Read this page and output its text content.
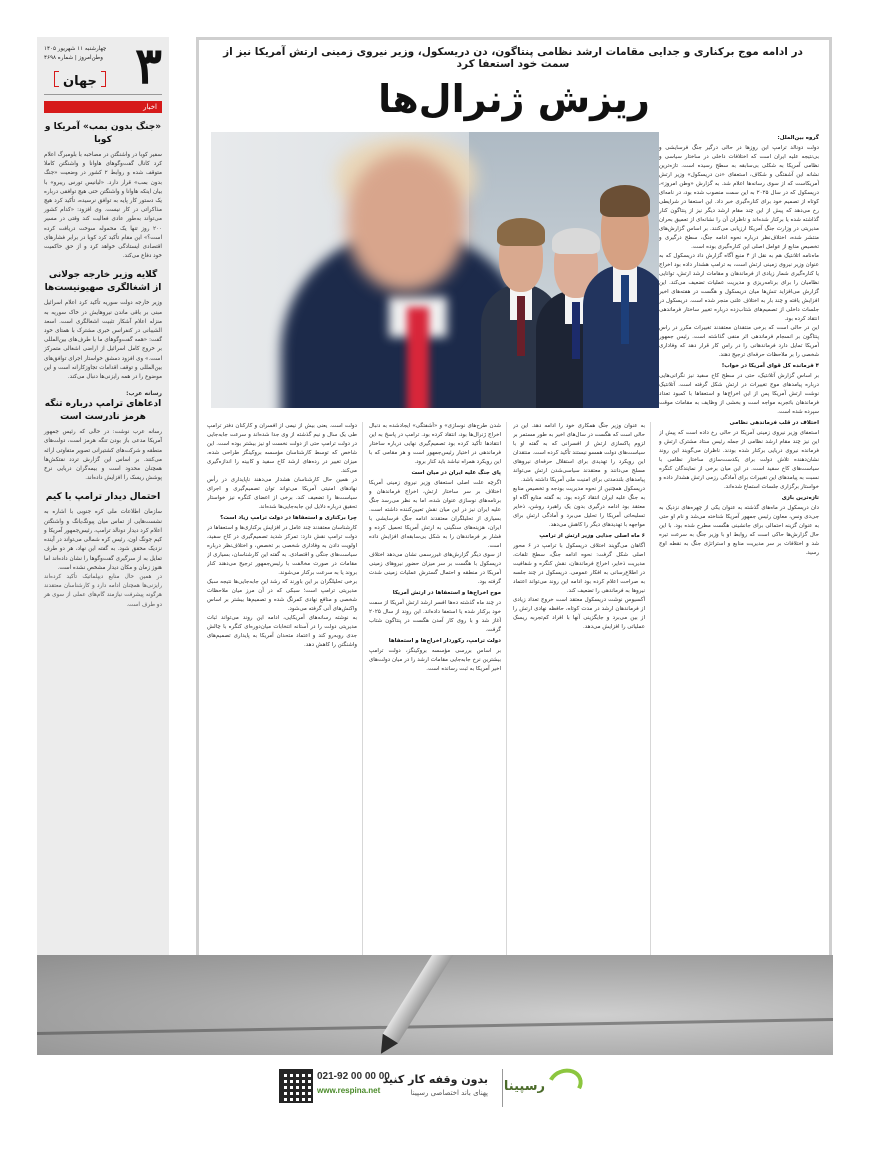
۳
چهارشنبه ۱۱ شهریور ۱۴۰۵
وطن‌امروز | شماره ۴۶۹۸
جهان
اخبار
«جنگ بدون بمب» آمریکا و کوبا

سفیر کوبا در واشنگتن در مصاحبه با بلومبرگ اعلام کرد کانال گفت‌وگوهای هاوانا و واشنگتن کاملا متوقف شده و روابط ۲ کشور در وضعیت «جنگ بدون بمب» قرار دارد. «لیانیس تورس ریبرو» با بیان اینکه هاوانا و واشنگتن حتی هیچ توافقی درباره یک دستور کار پایه به توافق نرسیده، تأکید کرد هیچ مذاکراتی در کار نیست. وی افزود: «کدام کشور می‌تواند به‌طور عادی فعالیت کند وقتی در مسیر ۲۰۰ روز تنها یک محموله سوخت دریافت کرده است؟» این مقام تأکید کرد کوبا در برابر فشارهای اقتصادی ایستادگی خواهد کرد و از حق حاکمیت خود دفاع می‌کند.

گلایه وزیر خارجه جولانی از اشغالگری صهیونیست‌ها

وزیر خارجه دولت سوریه تأکید کرد اعلام اسرائیل مبنی بر باقی ماندن نیروهایش در خاک سوریه به منزله اعلام آشکار تثبیت اشغالگری است. اسعد الشیبانی در کنفرانس خبری مشترک با همتای خود گفت: «همه گفت‌وگوهای ما با طرف‌های بین‌المللی بر خروج کامل اسرائیل از اراضی اشغالی متمرکز است.» وی افزود دمشق خواستار اجرای توافق‌های بین‌المللی و توقف اقدامات تجاوزکارانه است و این موضوع را در همه رایزنی‌ها دنبال می‌کند.

رسانه عرب:
ادعاهای ترامپ درباره تنگه هرمز نادرست است

رسانه عرب نوشت: در حالی که رئیس جمهور آمریکا مدعی باز بودن تنگه هرمز است، دولت‌های منطقه و شرکت‌های کشتیرانی تصویر متفاوتی ارائه می‌کنند. بر اساس این گزارش تردد نفتکش‌ها همچنان محدود است و بیمه‌گران دریایی نرخ پوشش ریسک را افزایش داده‌اند.

احتمال دیدار ترامپ با کیم

سازمان اطلاعات ملی کره جنوبی با اشاره به نشست‌هایی از تماس میان پیونگ‌یانگ و واشنگتن اعلام کرد دیدار دونالد ترامپ، رئیس‌جمهور آمریکا و کیم جونگ اون، رئیس کره شمالی می‌تواند در آینده نزدیک محقق شود. به گفته این نهاد، هر دو طرف تمایل به از سرگیری گفت‌وگوها را نشان داده‌اند اما هنوز زمان و مکان دیدار مشخص نشده است.

در همین حال منابع دیپلماتیک تأکید کرده‌اند رایزنی‌ها همچنان ادامه دارد و کارشناسان معتقدند هرگونه پیشرفت نیازمند گام‌های عملی از سوی هر دو طرف است.

در ادامه موج برکناری و جدایی مقامات ارشد نظامی پنتاگون، دن دریسکول، وزیر نیروی زمینی ارتش آمریکا نیز از سمت خود استعفا کرد
ریزش ژنرال‌ها
گروه بین‌الملل:

دولت دونالد ترامپ این روزها در حالی درگیر جنگ فرسایشی و بی‌نتیجه علیه ایران است که اختلافات داخلی در ساختار سیاسی و نظامی آمریکا به شکلی بی‌سابقه به سطح رسیده است. تازه‌ترین نشانه این آشفتگی و شکاف، استعفای «دن دریسکول» وزیر ارتش آمریکاست که از سوی رسانه‌ها اعلام شد. به گزارش «وطن امروز»، دریسکول که در سال ۲۰۲۵ به این سمت منصوب شده بود، در نامه‌ای کوتاه از تصمیم خود برای کناره‌گیری خبر داد. این استعفا در شرایطی رخ می‌دهد که پیش از این چند مقام ارشد دیگر نیز از پنتاگون کنار گذاشته شده یا برکنار شده‌اند و ناظران آن را نشانه‌ای از تعمیق بحران مدیریتی در وزارت جنگ آمریکا ارزیابی می‌کنند. بر اساس گزارش‌های منتشر شده، اختلاف‌نظر درباره نحوه ادامه جنگ، سطح درگیری و تخصیص منابع از عوامل اصلی این کناره‌گیری بوده است.

ماه‌نامه اتلانتیک هم به نقل از ۴ منبع آگاه گزارش داد دریسکول که به عنوان وزیر نیروی زمینی ارتش است، به ترامپ هشدار داده بود اخراج یا کناره‌گیری شمار زیادی از فرماندهان و مقامات ارشد ارتش، توانایی نظامیان را برای برنامه‌ریزی و مدیریت عملیات تضعیف می‌کند. این گزارش می‌افزاید تنش‌ها میان دریسکول و هگست در هفته‌های اخیر افزایش یافته و چند بار به اختلاف علنی منجر شده است. دریسکول در جلسات داخلی از تصمیم‌های شتاب‌زده درباره تغییر ساختار فرماندهی انتقاد کرده بود.

این در حالی است که برخی منتقدان معتقدند تغییرات مکرر در راس پنتاگون بر انسجام فرماندهی اثر منفی گذاشته است. رئیس جمهور آمریکا تمایل دارد فرماندهانی را در راس کار قرار دهد که وفاداری شخصی را بر ملاحظات حرفه‌ای ترجیح دهند.

۴ فرمانده کل قوای آمریکا در خواب!

بر اساس گزارش آتلانتیک، حتی در سطح کاخ سفید نیز نگرانی‌هایی درباره پیامدهای موج تغییرات در ارتش شکل گرفته است. آتلانتیک نوشت ارتش آمریکا پس از این اخراج‌ها و استعفاها با کمبود تعداد فرماندهان باتجربه مواجه است و بخشی از وظایف به مقامات موقت سپرده شده است.

اختلاف در قلب فرماندهی نظامی

استعفای وزیر نیروی زمینی آمریکا در حالی رخ داده است که پیش از این نیز چند مقام ارشد نظامی از جمله رئیس ستاد مشترک ارتش و فرمانده نیروی دریایی برکنار شده بودند. ناظران می‌گویند این روند نشان‌دهنده تلاش دولت برای یکدست‌سازی ساختار نظامی با سیاست‌های کاخ سفید است. در این میان برخی از نمایندگان کنگره نسبت به پیامدهای این تغییرات برای آمادگی رزمی ارتش هشدار داده و خواستار برگزاری جلسات استماع شده‌اند.

تازه‌ترین بازی

دان دریسکول در ماه‌های گذشته به عنوان یکی از چهره‌های نزدیک به جی‌دی ونس، معاون رئیس جمهور آمریکا شناخته می‌شد و نام او حتی به عنوان گزینه احتمالی برای جانشینی هگست مطرح شده بود. با این حال گزارش‌ها حاکی است که روابط او با وزیر جنگ به سرعت تیره شد و اختلافات بر سر مدیریت منابع و استراتژی جنگ به نقطه اوج رسید.

به عنوان وزیر جنگ همکاری خود را ادامه دهد. این در حالی است که هگست در سال‌های اخیر به طور مستمر بر لزوم پاکسازی ارتش از افسرانی که به گفته او با سیاست‌های دولت همسو نیستند تأکید کرده است. منتقدان این رویکرد را تهدیدی برای استقلال حرفه‌ای نیروهای مسلح می‌دانند و معتقدند سیاسی‌شدن ارتش می‌تواند پیامدهای بلندمدتی برای امنیت ملی آمریکا داشته باشد.

دریسکول همچنین از نحوه مدیریت بودجه و تخصیص منابع به جنگ علیه ایران انتقاد کرده بود. به گفته منابع آگاه او معتقد بود ادامه درگیری بدون یک راهبرد روشن، ذخایر تسلیحاتی آمریکا را تحلیل می‌برد و آمادگی ارتش برای مواجهه با تهدیدهای دیگر را کاهش می‌دهد.

۶ ماه اصلی جدایی وزیر ارتش از ترامپ

آگاهان می‌گویند اختلاف دریسکول با ترامپ در ۶ محور اصلی شکل گرفت: نحوه ادامه جنگ، سطح تلفات، مدیریت ذخایر، اخراج فرماندهان، نقش کنگره و شفافیت در اطلاع‌رسانی به افکار عمومی. دریسکول در چند جلسه به صراحت اعلام کرده بود ادامه این روند می‌تواند اعتماد نیروها به فرماندهی را تضعیف کند.

آکسیوس نوشت دریسکول معتقد است خروج تعداد زیادی از فرماندهان ارشد در مدت کوتاه، حافظه نهادی ارتش را از بین می‌برد و جایگزینی آنها با افراد کم‌تجربه ریسک عملیاتی را افزایش می‌دهد.

شدن طرح‌های نوسازی» و «آشفتگی» ایجادشده به دنبال اخراج ژنرال‌ها بود، انتقاد کرده بود. ترامپ در پاسخ به این انتقادها تأکید کرده بود تصمیم‌گیری نهایی درباره ساختار فرماندهی در اختیار رئیس‌جمهور است و هر مقامی که با این رویکرد همراه نباشد باید کنار برود.

پای جنگ علیه ایران در میان است

اگرچه علت اصلی استعفای وزیر نیروی زمینی آمریکا اختلاف بر سر ساختار ارتش، اخراج فرماندهان و برنامه‌های نوسازی عنوان شده، اما به نظر می‌رسد جنگ علیه ایران نیز در این میان نقش تعیین‌کننده داشته است. بسیاری از تحلیلگران معتقدند ادامه جنگ فرسایشی با ایران، هزینه‌های سنگینی به ارتش آمریکا تحمیل کرده و فشار بر فرماندهان را به شکل بی‌سابقه‌ای افزایش داده است.

از سوی دیگر گزارش‌های غیررسمی نشان می‌دهد اختلاف دریسکول با هگست بر سر میزان حضور نیروهای زمینی آمریکا در منطقه و احتمال گسترش عملیات زمینی شدت گرفته بود.

موج اخراج‌ها و استعفاها در ارتش آمریکا

در چند ماه گذشته ده‌ها افسر ارشد ارتش آمریکا از سمت خود برکنار شده یا استعفا داده‌اند. این روند از سال ۲۰۲۵ آغاز شد و با روی کار آمدن هگست در پنتاگون شتاب گرفت.

دولت ترامپ، رکوردار اخراج‌ها و استعفاها

بر اساس بررسی مؤسسه بروکینگز، دولت ترامپ بیشترین نرخ جابه‌جایی مقامات ارشد را در میان دولت‌های اخیر آمریکا به ثبت رسانده است.

دولت است. یعنی بیش از نیمی از افسران و کارکنان دفتر ترامپ طی یک سال و نیم گذشته از وی جدا شده‌اند و سرعت جابه‌جایی در دولت ترامپ حتی از دولت نخست او نیز بیشتر بوده است. این شاخص که توسط کارشناسان مؤسسه بروکینگز طراحی شده، میزان تغییر در رده‌های ارشد کاخ سفید و کابینه را اندازه‌گیری می‌کند.

در همین حال کارشناسان هشدار می‌دهند ناپایداری در رأس نهادهای امنیتی آمریکا می‌تواند توان تصمیم‌گیری و اجرای سیاست‌ها را تضعیف کند. برخی از اعضای کنگره نیز خواستار تحقیق درباره دلایل این جابه‌جایی‌ها شده‌اند.

چرا برکناری و استعفاها در دولت ترامپ زیاد است؟

کارشناسان معتقدند چند عامل در افزایش برکناری‌ها و استعفاها در دولت ترامپ نقش دارد: تمرکز شدید تصمیم‌گیری در کاخ سفید، اولویت دادن به وفاداری شخصی بر تخصص، و اختلاف‌نظر درباره سیاست‌های جنگی و اقتصادی. به گفته این کارشناسان، بسیاری از مقامات در صورت مخالفت با رئیس‌جمهور ترجیح می‌دهند کنار بروند یا به سرعت برکنار می‌شوند.

برخی تحلیلگران بر این باورند که رشد این جابه‌جایی‌ها نتیجه سبک مدیریتی ترامپ است؛ سبکی که در آن مرز میان ملاحظات شخصی و منافع نهادی کمرنگ شده و تصمیم‌ها بیشتر بر اساس واکنش‌های آنی گرفته می‌شود.

به نوشته رسانه‌های آمریکایی، ادامه این روند می‌تواند ثبات مدیریتی دولت را در آستانه انتخابات میان‌دوره‌ای کنگره با چالش جدی روبه‌رو کند و اعتماد متحدان آمریکا به پایداری تصمیم‌های واشنگتن را کاهش دهد.

رسپینا
بدون وقفه کار کنید
پهنای باند اختصاصی رسپینا
021-92 00 00 00
www.respina.net
